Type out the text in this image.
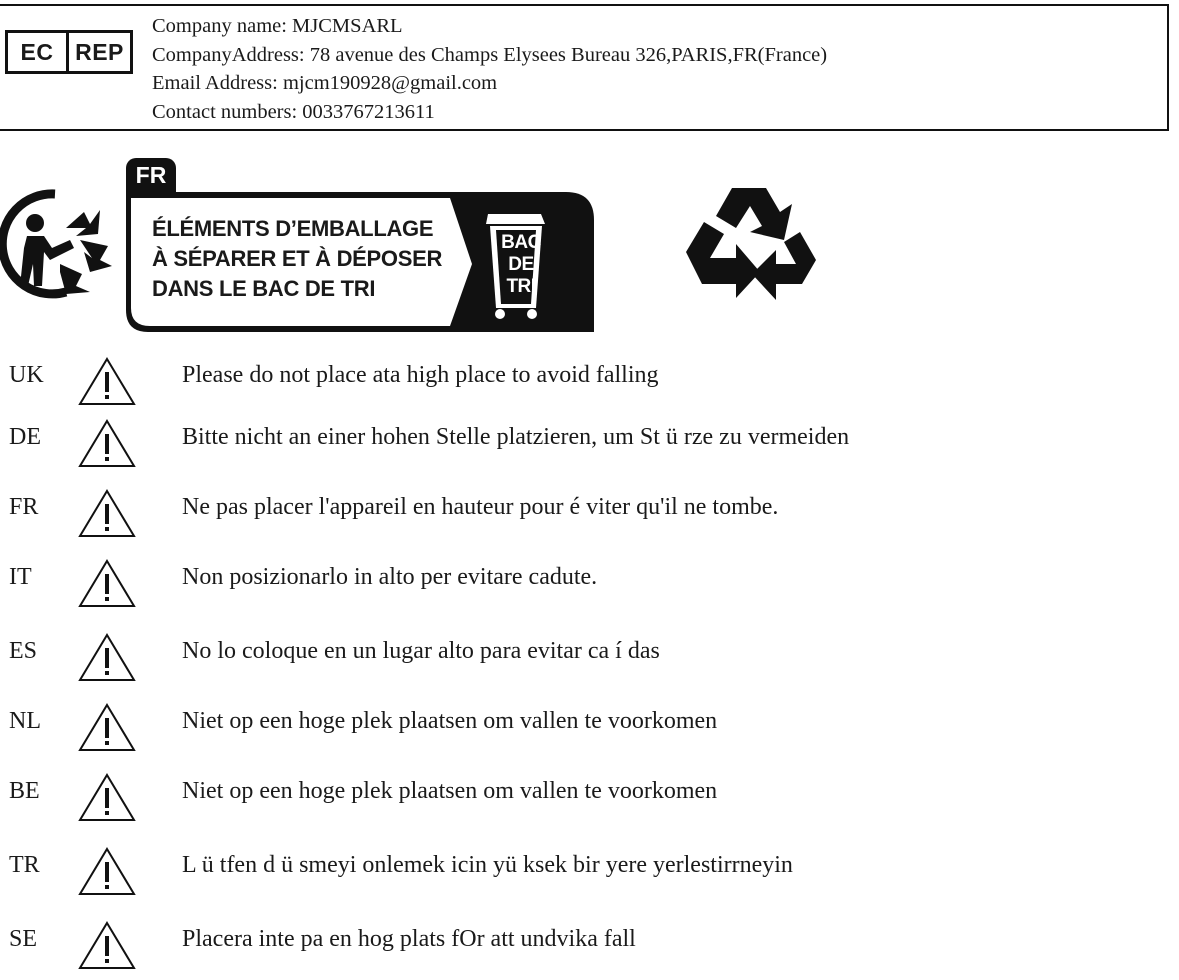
EC REP
Company name: MJCMSARL
CompanyAddress: 78 avenue des Champs Elysees Bureau 326,PARIS,FR(France)
Email Address: mjcm190928@gmail.com
Contact numbers: 0033767213611
FR
ÉLÉMENTS D’EMBALLAGE
À SÉPARER ET À DÉPOSER
DANS LE BAC DE TRI
BAC
DE
TRI
UK	Please do not place ata high place to avoid falling
DE	Bitte nicht an einer hohen Stelle platzieren, um St ü rze zu vermeiden
FR	Ne pas placer l'appareil en hauteur pour é viter qu'il ne tombe.
IT	Non posizionarlo in alto per evitare cadute.
ES	No lo coloque en un lugar alto para evitar ca í das
NL	Niet op een hoge plek plaatsen om vallen te voorkomen
BE	Niet op een hoge plek plaatsen om vallen te voorkomen
TR	L ü tfen d ü smeyi onlemek icin yü ksek bir yere yerlestirrneyin
SE	Placera inte pa en hog plats fOr att undvika fall
